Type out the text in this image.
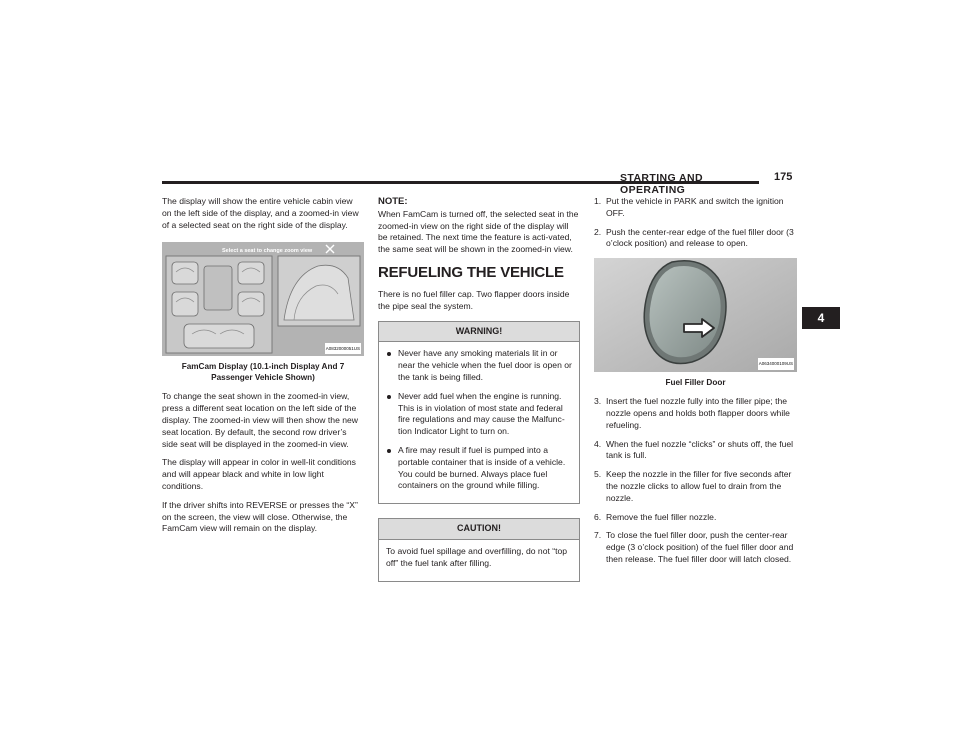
STARTING AND OPERATING
175
4

The display will show the entire vehicle cabin view on the left side of the display, and a zoomed-in view of a selected seat on the right side of the display.

Select a seat to change zoom view
A0832000051US
FamCam Display (10.1-inch Display And 7 Passenger Vehicle Shown)

To change the seat shown in the zoomed-in view, press a different seat location on the left side of the display. The zoomed-in view will then show the new seat location. By default, the second row driver’s side seat will be displayed in the zoomed-in view.

The display will appear in color in well-lit conditions and will appear black and white in low light conditions.

If the driver shifts into REVERSE or presses the “X” on the screen, the view will close. Otherwise, the FamCam view will remain on the display.

NOTE:

When FamCam is turned off, the selected seat in the zoomed-in view on the right side of the display will be retained. The next time the feature is acti-vated, the same seat will be shown in the zoomed-in view.

REFUELING THE VEHICLE

There is no fuel filler cap. Two flapper doors inside the pipe seal the system.

WARNING!
Never have any smoking materials lit in or near the vehicle when the fuel door is open or the tank is being filled.
Never add fuel when the engine is running. This is in violation of most state and federal fire regulations and may cause the Malfunc-tion Indicator Light to turn on.
A fire may result if fuel is pumped into a portable container that is inside of a vehicle. You could be burned. Always place fuel containers on the ground while filling.
CAUTION!

To avoid fuel spillage and overfilling, do not “top off” the fuel tank after filling.

1. Put the vehicle in PARK and switch the ignition OFF.
2. Push the center-rear edge of the fuel filler door (3 o’clock position) and release to open.
A0634000109US
Fuel Filler Door
3. Insert the fuel nozzle fully into the filler pipe; the nozzle opens and holds both flapper doors while refueling.
4. When the fuel nozzle “clicks” or shuts off, the fuel tank is full.
5. Keep the nozzle in the filler for five seconds after the nozzle clicks to allow fuel to drain from the nozzle.
6. Remove the fuel filler nozzle.
7. To close the fuel filler door, push the center-rear edge (3 o’clock position) of the fuel filler door and then release. The fuel filler door will latch closed.
